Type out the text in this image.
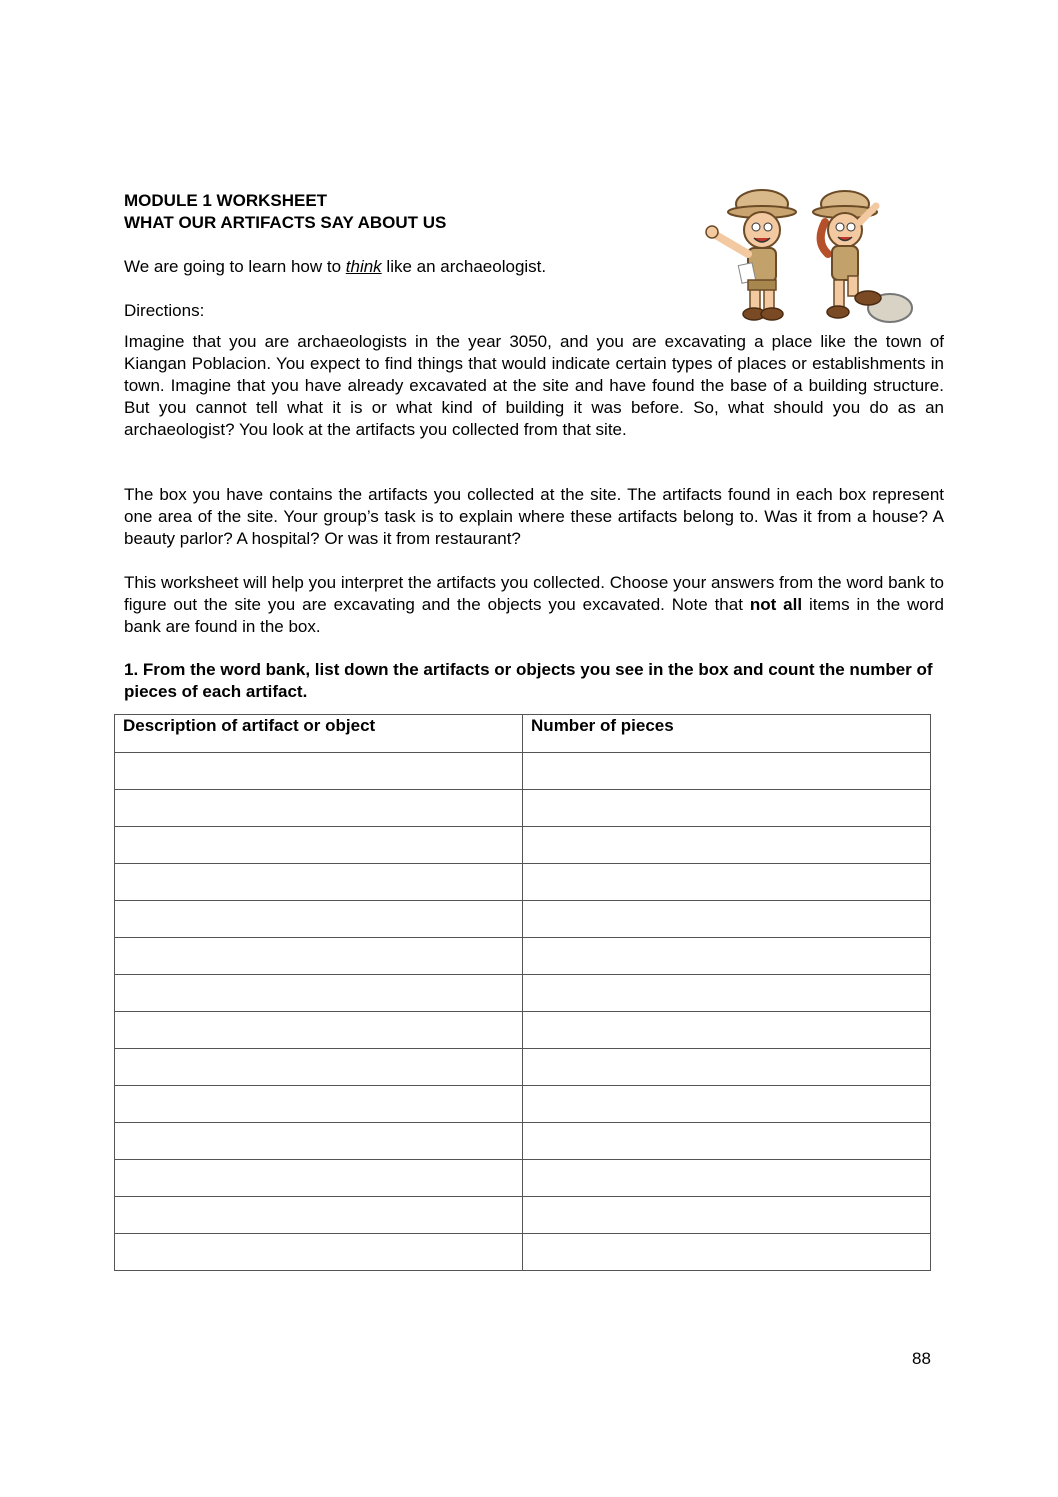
MODULE 1 WORKSHEET
WHAT OUR ARTIFACTS SAY ABOUT US
We are going to learn how to think like an archaeologist.
Directions:
Imagine that you are archaeologists in the year 3050, and you are excavating a place like the town of Kiangan Poblacion. You expect to find things that would indicate certain types of places or establishments in town. Imagine that you have already excavated at the site and have found the base of a building structure. But you cannot tell what it is or what kind of building it was before. So, what should you do as an archaeologist? You look at the artifacts you collected from that site.
The box you have contains the artifacts you collected at the site. The artifacts found in each box represent one area of the site. Your group’s task is to explain where these artifacts belong to. Was it from a house? A beauty parlor? A hospital? Or was it from restaurant?
This worksheet will help you interpret the artifacts you collected. Choose your answers from the word bank to figure out the site you are excavating and the objects you excavated. Note that not all items in the word bank are found in the box.
1. From the word bank, list down the artifacts or objects you see in the box and count the number of pieces of each artifact.
Description of artifact or object	Number of pieces

88
